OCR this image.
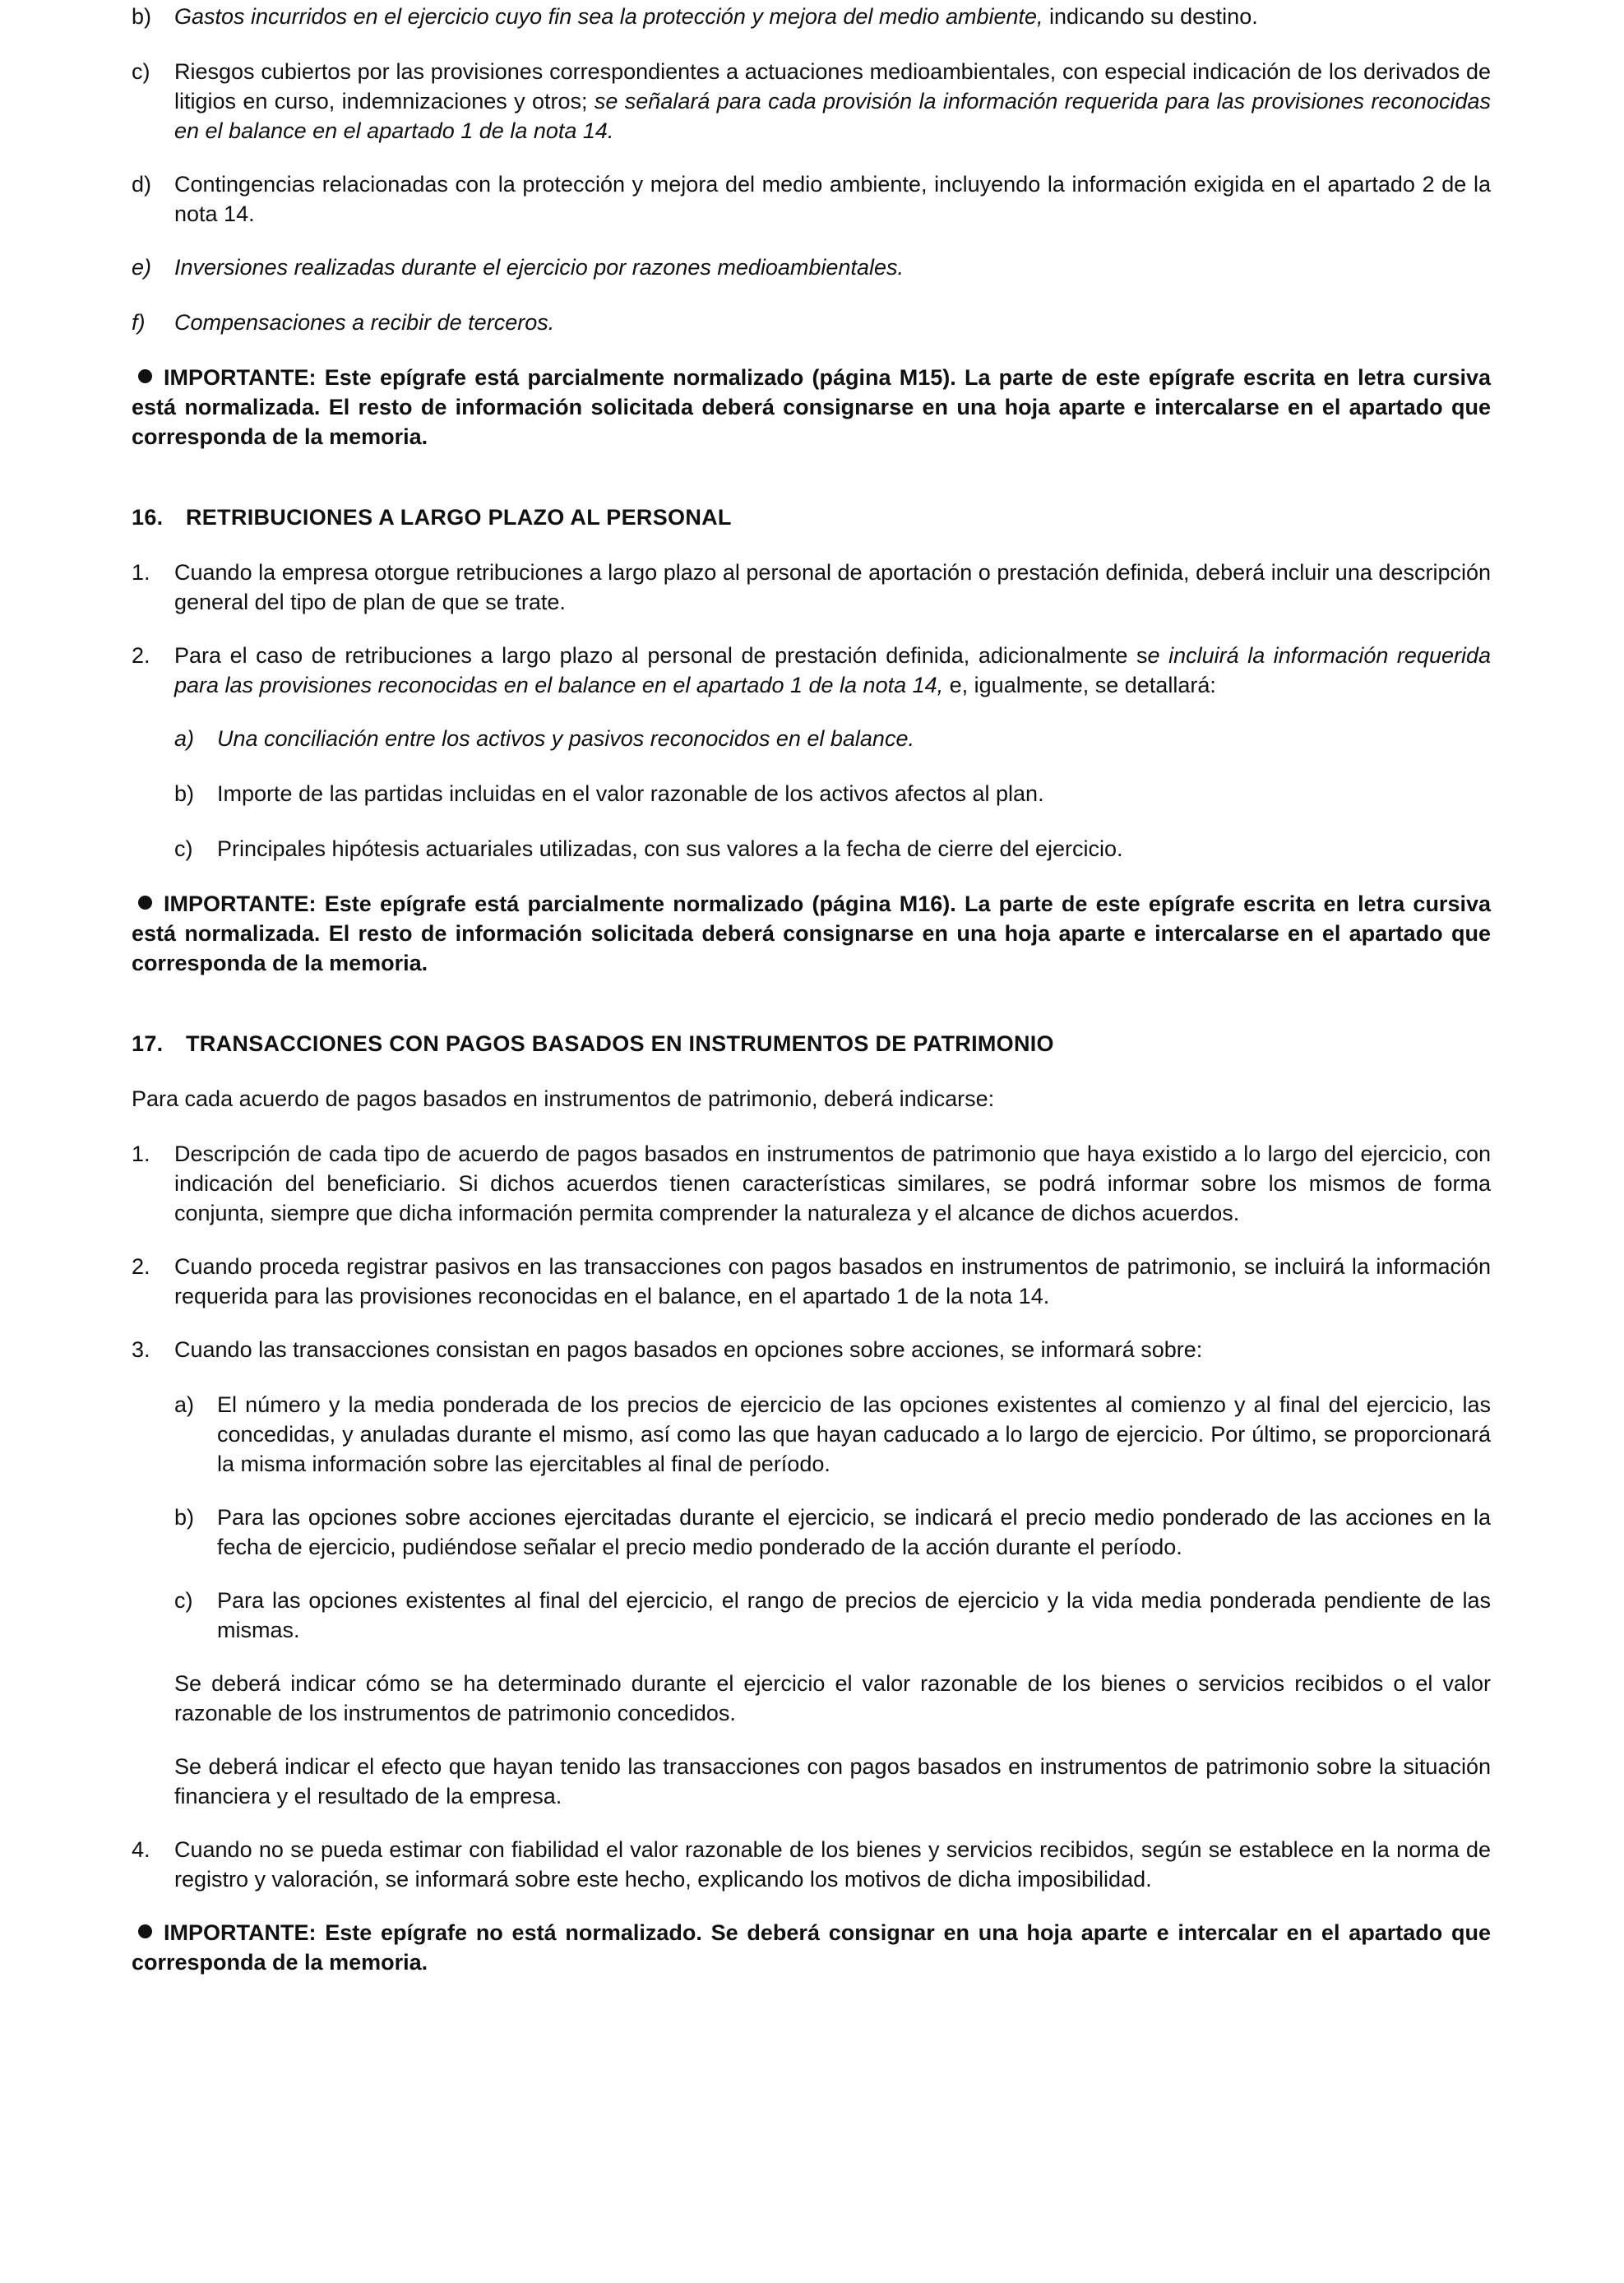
b) Gastos incurridos en el ejercicio cuyo fin sea la protección y mejora del medio ambiente, indicando su destino.

c) Riesgos cubiertos por las provisiones correspondientes a actuaciones medioambientales, con especial indicación de los derivados de litigios en curso, indemnizaciones y otros; se señalará para cada provisión la información requerida para las provisiones reconocidas en el balance en el apartado 1 de la nota 14.

d) Contingencias relacionadas con la protección y mejora del medio ambiente, incluyendo la información exigida en el apartado 2 de la nota 14.

e) Inversiones realizadas durante el ejercicio por razones medioambientales.

f) Compensaciones a recibir de terceros.

IMPORTANTE: Este epígrafe está parcialmente normalizado (página M15). La parte de este epígrafe escrita en letra cursiva está normalizada. El resto de información solicitada deberá consignarse en una hoja aparte e intercalarse en el apartado que corresponda de la memoria.

16. RETRIBUCIONES A LARGO PLAZO AL PERSONAL
1. Cuando la empresa otorgue retribuciones a largo plazo al personal de aportación o prestación definida, deberá incluir una descripción general del tipo de plan de que se trate.

2. Para el caso de retribuciones a largo plazo al personal de prestación definida, adicionalmente se incluirá la información requerida para las provisiones reconocidas en el balance en el apartado 1 de la nota 14, e, igualmente, se detallará:

a) Una conciliación entre los activos y pasivos reconocidos en el balance.

b) Importe de las partidas incluidas en el valor razonable de los activos afectos al plan.

c) Principales hipótesis actuariales utilizadas, con sus valores a la fecha de cierre del ejercicio.

IMPORTANTE: Este epígrafe está parcialmente normalizado (página M16). La parte de este epígrafe escrita en letra cursiva está normalizada. El resto de información solicitada deberá consignarse en una hoja aparte e intercalarse en el apartado que corresponda de la memoria.

17. TRANSACCIONES CON PAGOS BASADOS EN INSTRUMENTOS DE PATRIMONIO

Para cada acuerdo de pagos basados en instrumentos de patrimonio, deberá indicarse:

1. Descripción de cada tipo de acuerdo de pagos basados en instrumentos de patrimonio que haya existido a lo largo del ejercicio, con indicación del beneficiario. Si dichos acuerdos tienen características similares, se podrá informar sobre los mismos de forma conjunta, siempre que dicha información permita comprender la naturaleza y el alcance de dichos acuerdos.

2. Cuando proceda registrar pasivos en las transacciones con pagos basados en instrumentos de patrimonio, se incluirá la información requerida para las provisiones reconocidas en el balance, en el apartado 1 de la nota 14.

3. Cuando las transacciones consistan en pagos basados en opciones sobre acciones, se informará sobre:

a) El número y la media ponderada de los precios de ejercicio de las opciones existentes al comienzo y al final del ejercicio, las concedidas, y anuladas durante el mismo, así como las que hayan caducado a lo largo de ejercicio. Por último, se proporcionará la misma información sobre las ejercitables al final de período.

b) Para las opciones sobre acciones ejercitadas durante el ejercicio, se indicará el precio medio ponderado de las acciones en la fecha de ejercicio, pudiéndose señalar el precio medio ponderado de la acción durante el período.

c) Para las opciones existentes al final del ejercicio, el rango de precios de ejercicio y la vida media ponderada pendiente de las mismas.

Se deberá indicar cómo se ha determinado durante el ejercicio el valor razonable de los bienes o servicios recibidos o el valor razonable de los instrumentos de patrimonio concedidos.

Se deberá indicar el efecto que hayan tenido las transacciones con pagos basados en instrumentos de patrimonio sobre la situación financiera y el resultado de la empresa.

4. Cuando no se pueda estimar con fiabilidad el valor razonable de los bienes y servicios recibidos, según se establece en la norma de registro y valoración, se informará sobre este hecho, explicando los motivos de dicha imposibilidad.

IMPORTANTE: Este epígrafe no está normalizado. Se deberá consignar en una hoja aparte e intercalar en el apartado que corresponda de la memoria.
